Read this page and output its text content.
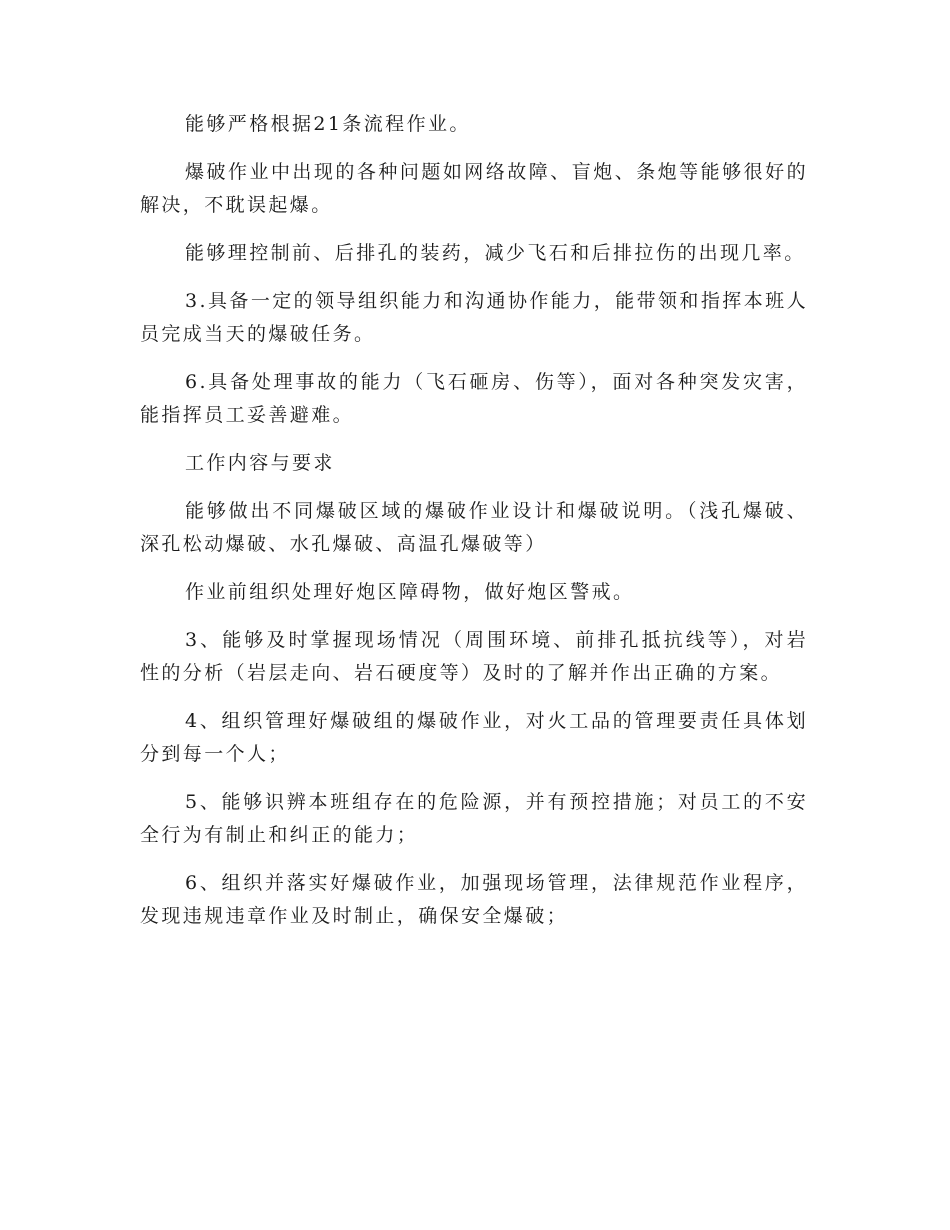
能够严格根据21条流程作业。

爆破作业中出现的各种问题如网络故障、盲炮、条炮等能够很好的解决，不耽误起爆。

能够理控制前、后排孔的装药，减少飞石和后排拉伤的出现几率。

3.具备一定的领导组织能力和沟通协作能力，能带领和指挥本班人员完成当天的爆破任务。

6.具备处理事故的能力（飞石砸房、伤等），面对各种突发灾害，能指挥员工妥善避难。

工作内容与要求

能够做出不同爆破区域的爆破作业设计和爆破说明。（浅孔爆破、深孔松动爆破、水孔爆破、高温孔爆破等）

作业前组织处理好炮区障碍物，做好炮区警戒。

3、能够及时掌握现场情况（周围环境、前排孔抵抗线等），对岩性的分析（岩层走向、岩石硬度等）及时的了解并作出正确的方案。

4、组织管理好爆破组的爆破作业，对火工品的管理要责任具体划分到每一个人；

5、能够识辨本班组存在的危险源，并有预控措施；对员工的不安全行为有制止和纠正的能力；

6、组织并落实好爆破作业，加强现场管理，法律规范作业程序，发现违规违章作业及时制止，确保安全爆破；
